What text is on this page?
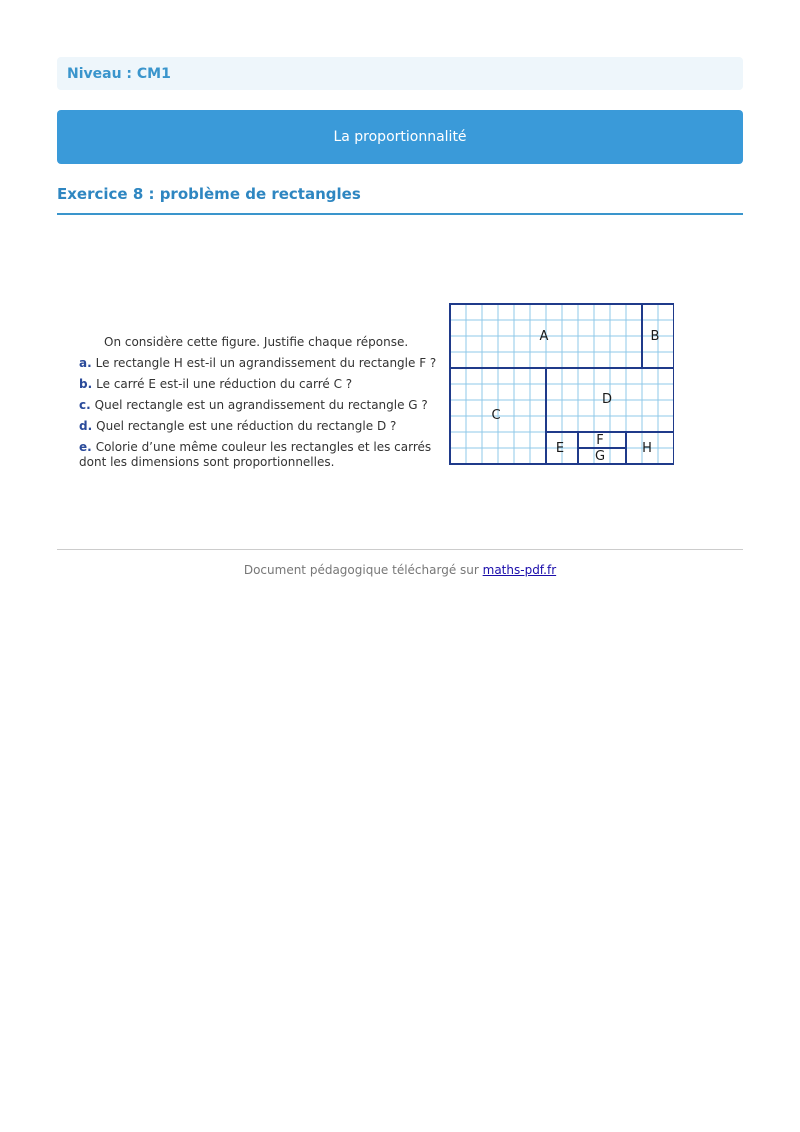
Niveau : CM1
La proportionnalité
Exercice 8 : problème de rectangles
On considère cette figure. Justifie chaque réponse.
a. Le rectangle H est-il un agrandissement du rectangle F ?
b. Le carré E est-il une réduction du carré C ?
c. Quel rectangle est un agrandissement du rectangle G ?
d. Quel rectangle est une réduction du rectangle D ?
e. Colorie d’une même couleur les rectangles et les carrés dont les dimensions sont proportionnelles.
A	B
C
D
E
F
G
H
Document pédagogique téléchargé sur maths-pdf.fr
